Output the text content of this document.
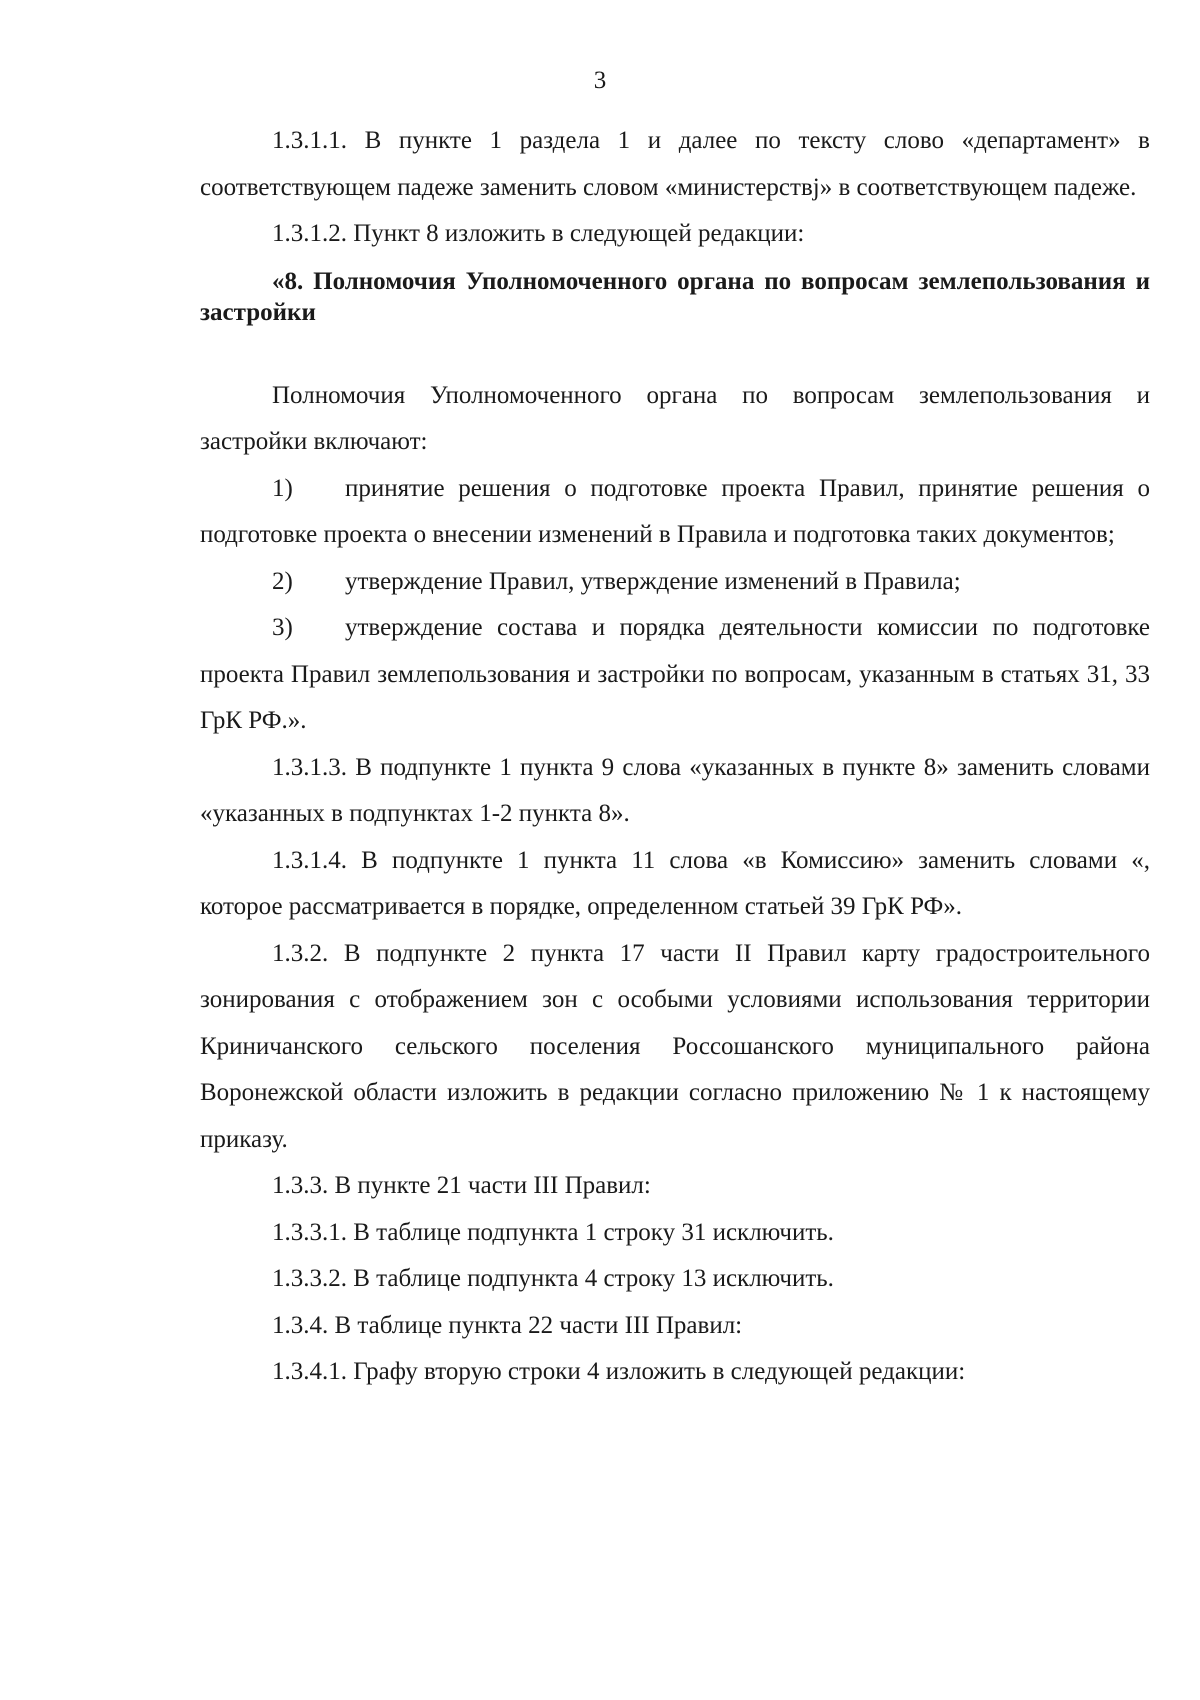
3

1.3.1.1. В пункте 1 раздела 1 и далее по тексту слово «департамент» в соответствующем падеже заменить словом «министерствј» в соответствующем падеже.

1.3.1.2. Пункт 8 изложить в следующей редакции:

«8. Полномочия Уполномоченного органа по вопросам землепользования и застройки

Полномочия Уполномоченного органа по вопросам землепользования и застройки включают:

1) принятие решения о подготовке проекта Правил, принятие решения о подготовке проекта о внесении изменений в Правила и подготовка таких документов;

2) утверждение Правил, утверждение изменений в Правила;

3) утверждение состава и порядка деятельности комиссии по подготовке проекта Правил землепользования и застройки по вопросам, указанным в статьях 31, 33 ГрК РФ.».

1.3.1.3. В подпункте 1 пункта 9 слова «указанных в пункте 8» заменить словами «указанных в подпунктах 1-2 пункта 8».

1.3.1.4. В подпункте 1 пункта 11 слова «в Комиссию» заменить словами «, которое рассматривается в порядке, определенном статьей 39 ГрК РФ».

1.3.2. В подпункте 2 пункта 17 части II Правил карту градостроительного зонирования с отображением зон с особыми условиями использования территории Криничанского сельского поселения Россошанского муниципального района Воронежской области изложить в редакции согласно приложению № 1 к настоящему приказу.

1.3.3. В пункте 21 части III Правил:

1.3.3.1. В таблице подпункта 1 строку 31 исключить.

1.3.3.2. В таблице подпункта 4 строку 13 исключить.

1.3.4. В таблице пункта 22 части III Правил:

1.3.4.1. Графу вторую строки 4 изложить в следующей редакции:
